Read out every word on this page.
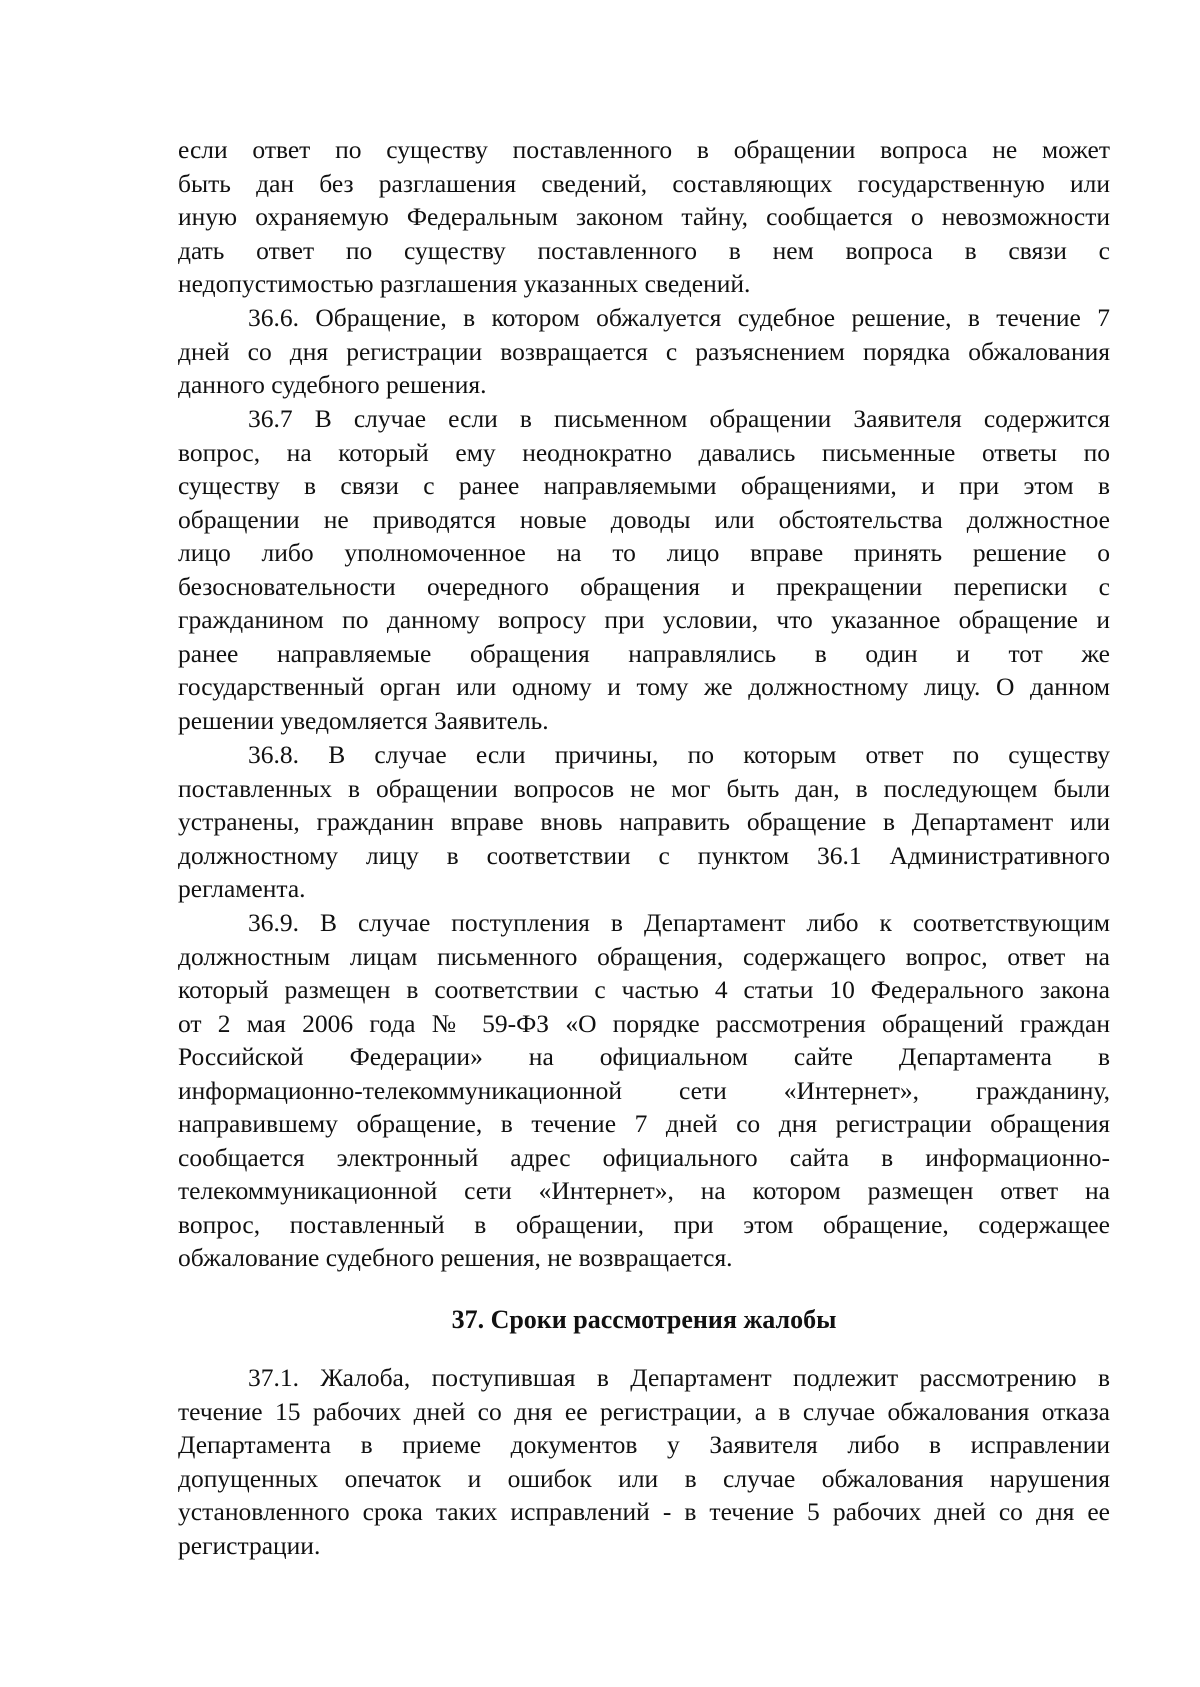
если ответ по существу поставленного в обращении вопроса не может
быть дан без разглашения сведений, составляющих государственную или
иную охраняемую Федеральным законом тайну, сообщается о невозможности
дать ответ по существу поставленного в нем вопроса в связи с
недопустимостью разглашения указанных сведений.
36.6. Обращение, в котором обжалуется судебное решение, в течение 7
дней со дня регистрации возвращается с разъяснением порядка обжалования
данного судебного решения.
36.7 В случае если в письменном обращении Заявителя содержится
вопрос, на который ему неоднократно давались письменные ответы по
существу в связи с ранее направляемыми обращениями, и при этом в
обращении не приводятся новые доводы или обстоятельства должностное
лицо либо уполномоченное на то лицо вправе принять решение о
безосновательности очередного обращения и прекращении переписки с
гражданином по данному вопросу при условии, что указанное обращение и
ранее направляемые обращения направлялись в один и тот же
государственный орган или одному и тому же должностному лицу. О данном
решении уведомляется Заявитель.
36.8. В случае если причины, по которым ответ по существу
поставленных в обращении вопросов не мог быть дан, в последующем были
устранены, гражданин вправе вновь направить обращение в Департамент или
должностному лицу в соответствии с пунктом 36.1 Административного
регламента.
36.9. В случае поступления в Департамент либо к соответствующим
должностным лицам письменного обращения, содержащего вопрос, ответ на
который размещен в соответствии с частью 4 статьи 10 Федерального закона
от 2 мая 2006 года № 59-ФЗ «О порядке рассмотрения обращений граждан
Российской Федерации» на официальном сайте Департамента в
информационно-телекоммуникационной сети «Интернет», гражданину,
направившему обращение, в течение 7 дней со дня регистрации обращения
сообщается электронный адрес официального сайта в информационно-
телекоммуникационной сети «Интернет», на котором размещен ответ на
вопрос, поставленный в обращении, при этом обращение, содержащее
обжалование судебного решения, не возвращается.
37. Сроки рассмотрения жалобы
37.1. Жалоба, поступившая в Департамент подлежит рассмотрению в
течение 15 рабочих дней со дня ее регистрации, а в случае обжалования отказа
Департамента в приеме документов у Заявителя либо в исправлении
допущенных опечаток и ошибок или в случае обжалования нарушения
установленного срока таких исправлений - в течение 5 рабочих дней со дня ее
регистрации.
